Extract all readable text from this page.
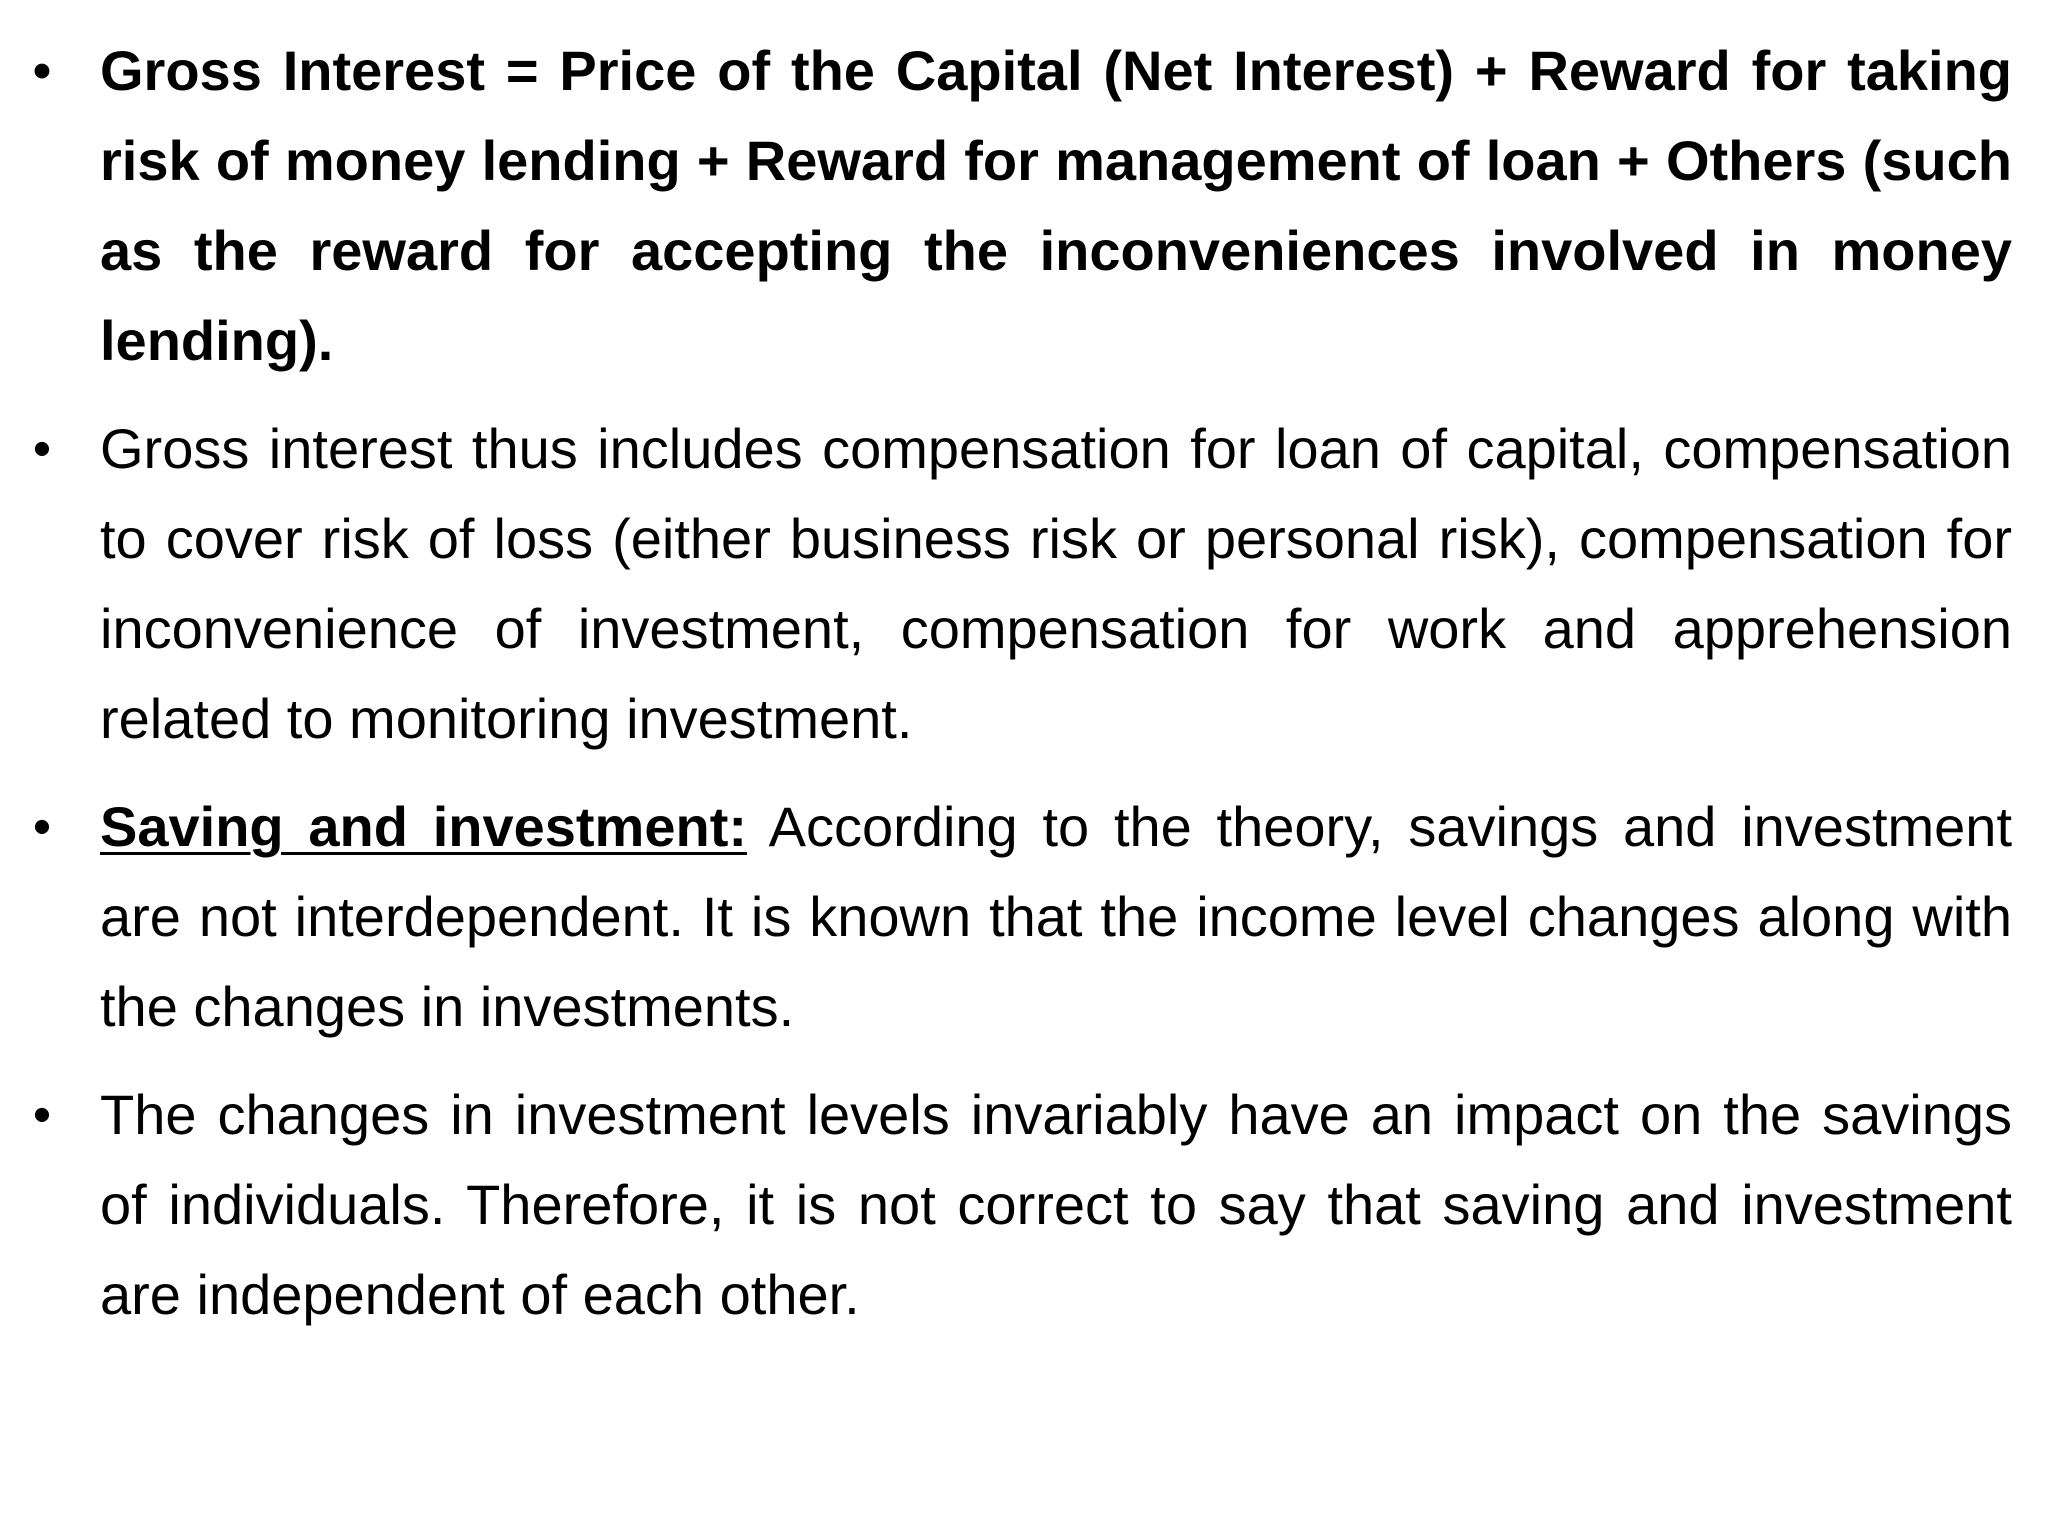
• Gross Interest = Price of the Capital (Net Interest) + Reward for taking risk of money lending + Reward for management of loan + Others (such as the reward for accepting the inconveniences involved in money lending).
• Gross interest thus includes compensation for loan of capital, compensation to cover risk of loss (either business risk or personal risk), compensation for inconvenience of investment, compensation for work and apprehension related to monitoring investment.
• Saving and investment: According to the theory, savings and investment are not interdependent. It is known that the income level changes along with the changes in investments.
• The changes in investment levels invariably have an impact on the savings of individuals. Therefore, it is not correct to say that saving and investment are independent of each other.
